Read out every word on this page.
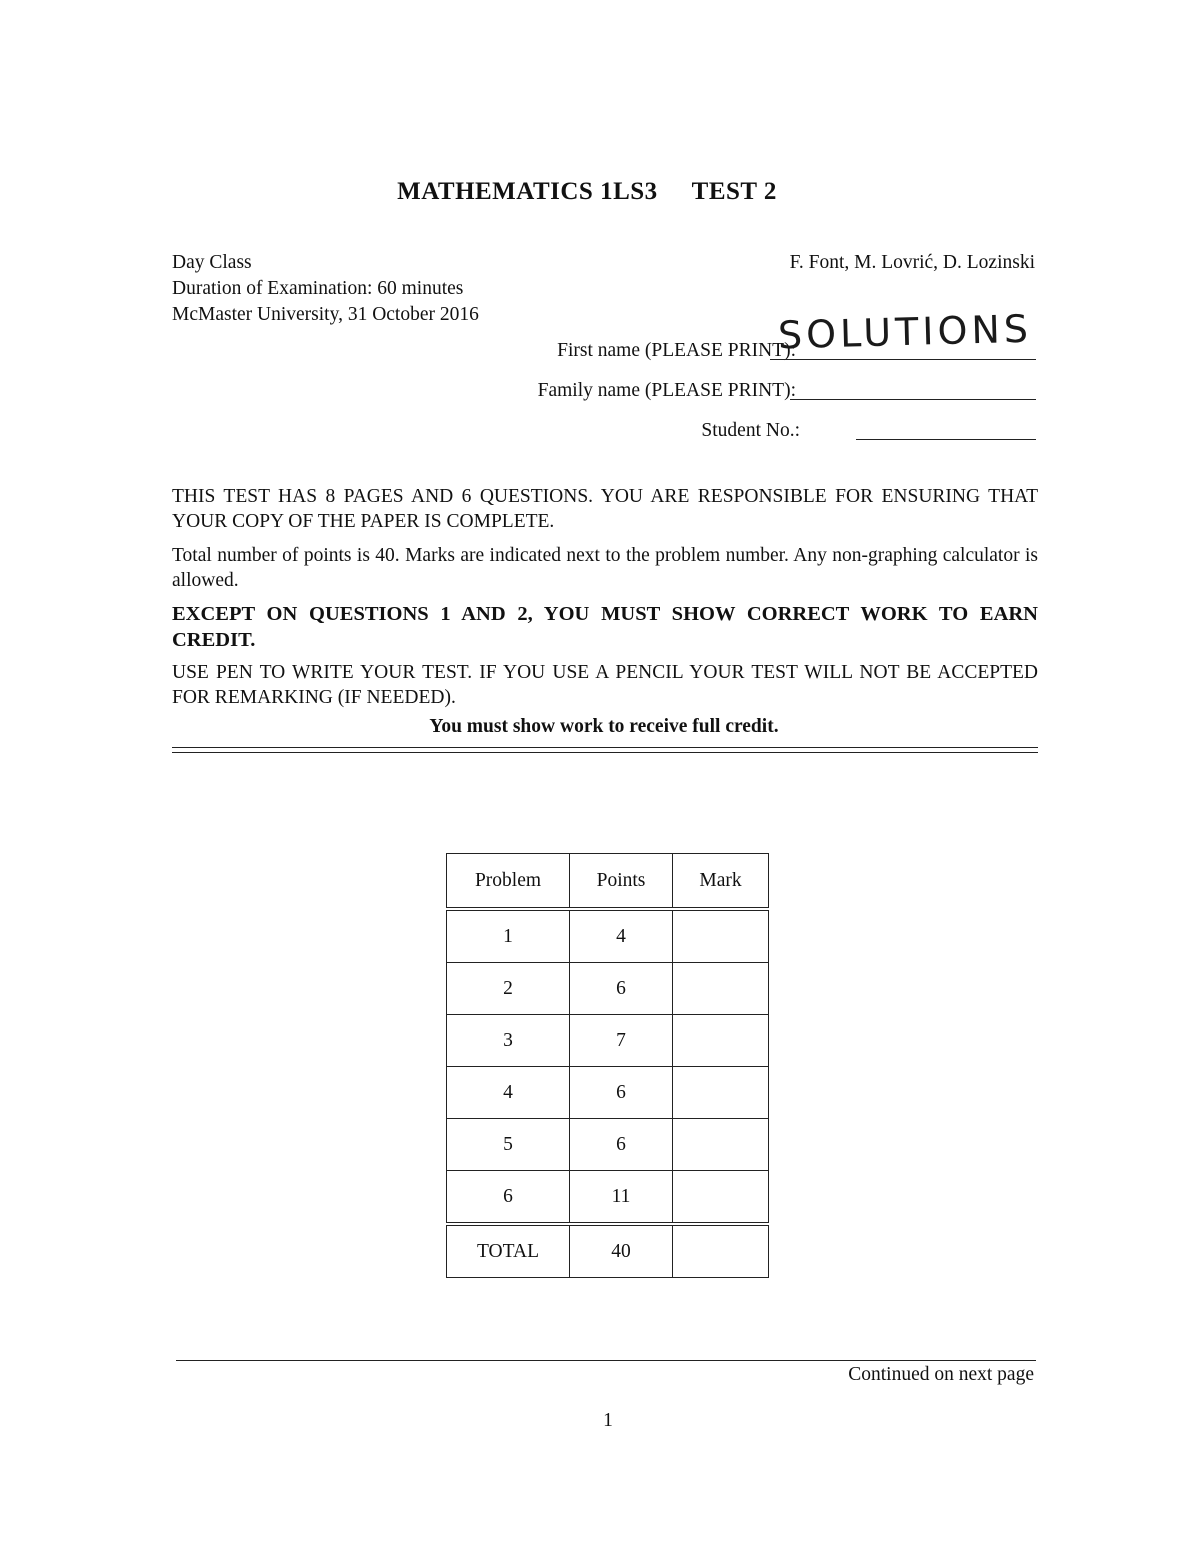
MATHEMATICS 1LS3 TEST 2
Day Class
Duration of Examination: 60 minutes
McMaster University, 31 October 2016
F. Font, M. Lovrić, D. Lozinski
First name (PLEASE PRINT):
SOLUTIONS
Family name (PLEASE PRINT):
Student No.:
THIS TEST HAS 8 PAGES AND 6 QUESTIONS. YOU ARE RESPONSIBLE FOR ENSURING THAT YOUR COPY OF THE PAPER IS COMPLETE.
Total number of points is 40. Marks are indicated next to the problem number. Any non-graphing calculator is allowed.
EXCEPT ON QUESTIONS 1 AND 2, YOU MUST SHOW CORRECT WORK TO EARN CREDIT.
USE PEN TO WRITE YOUR TEST. IF YOU USE A PENCIL YOUR TEST WILL NOT BE ACCEPTED FOR REMARKING (IF NEEDED).
You must show work to receive full credit.
Problem	Points	Mark
1	4	
2	6	
3	7	
4	6	
5	6	
6	11	
TOTAL	40	
Continued on next page
1
